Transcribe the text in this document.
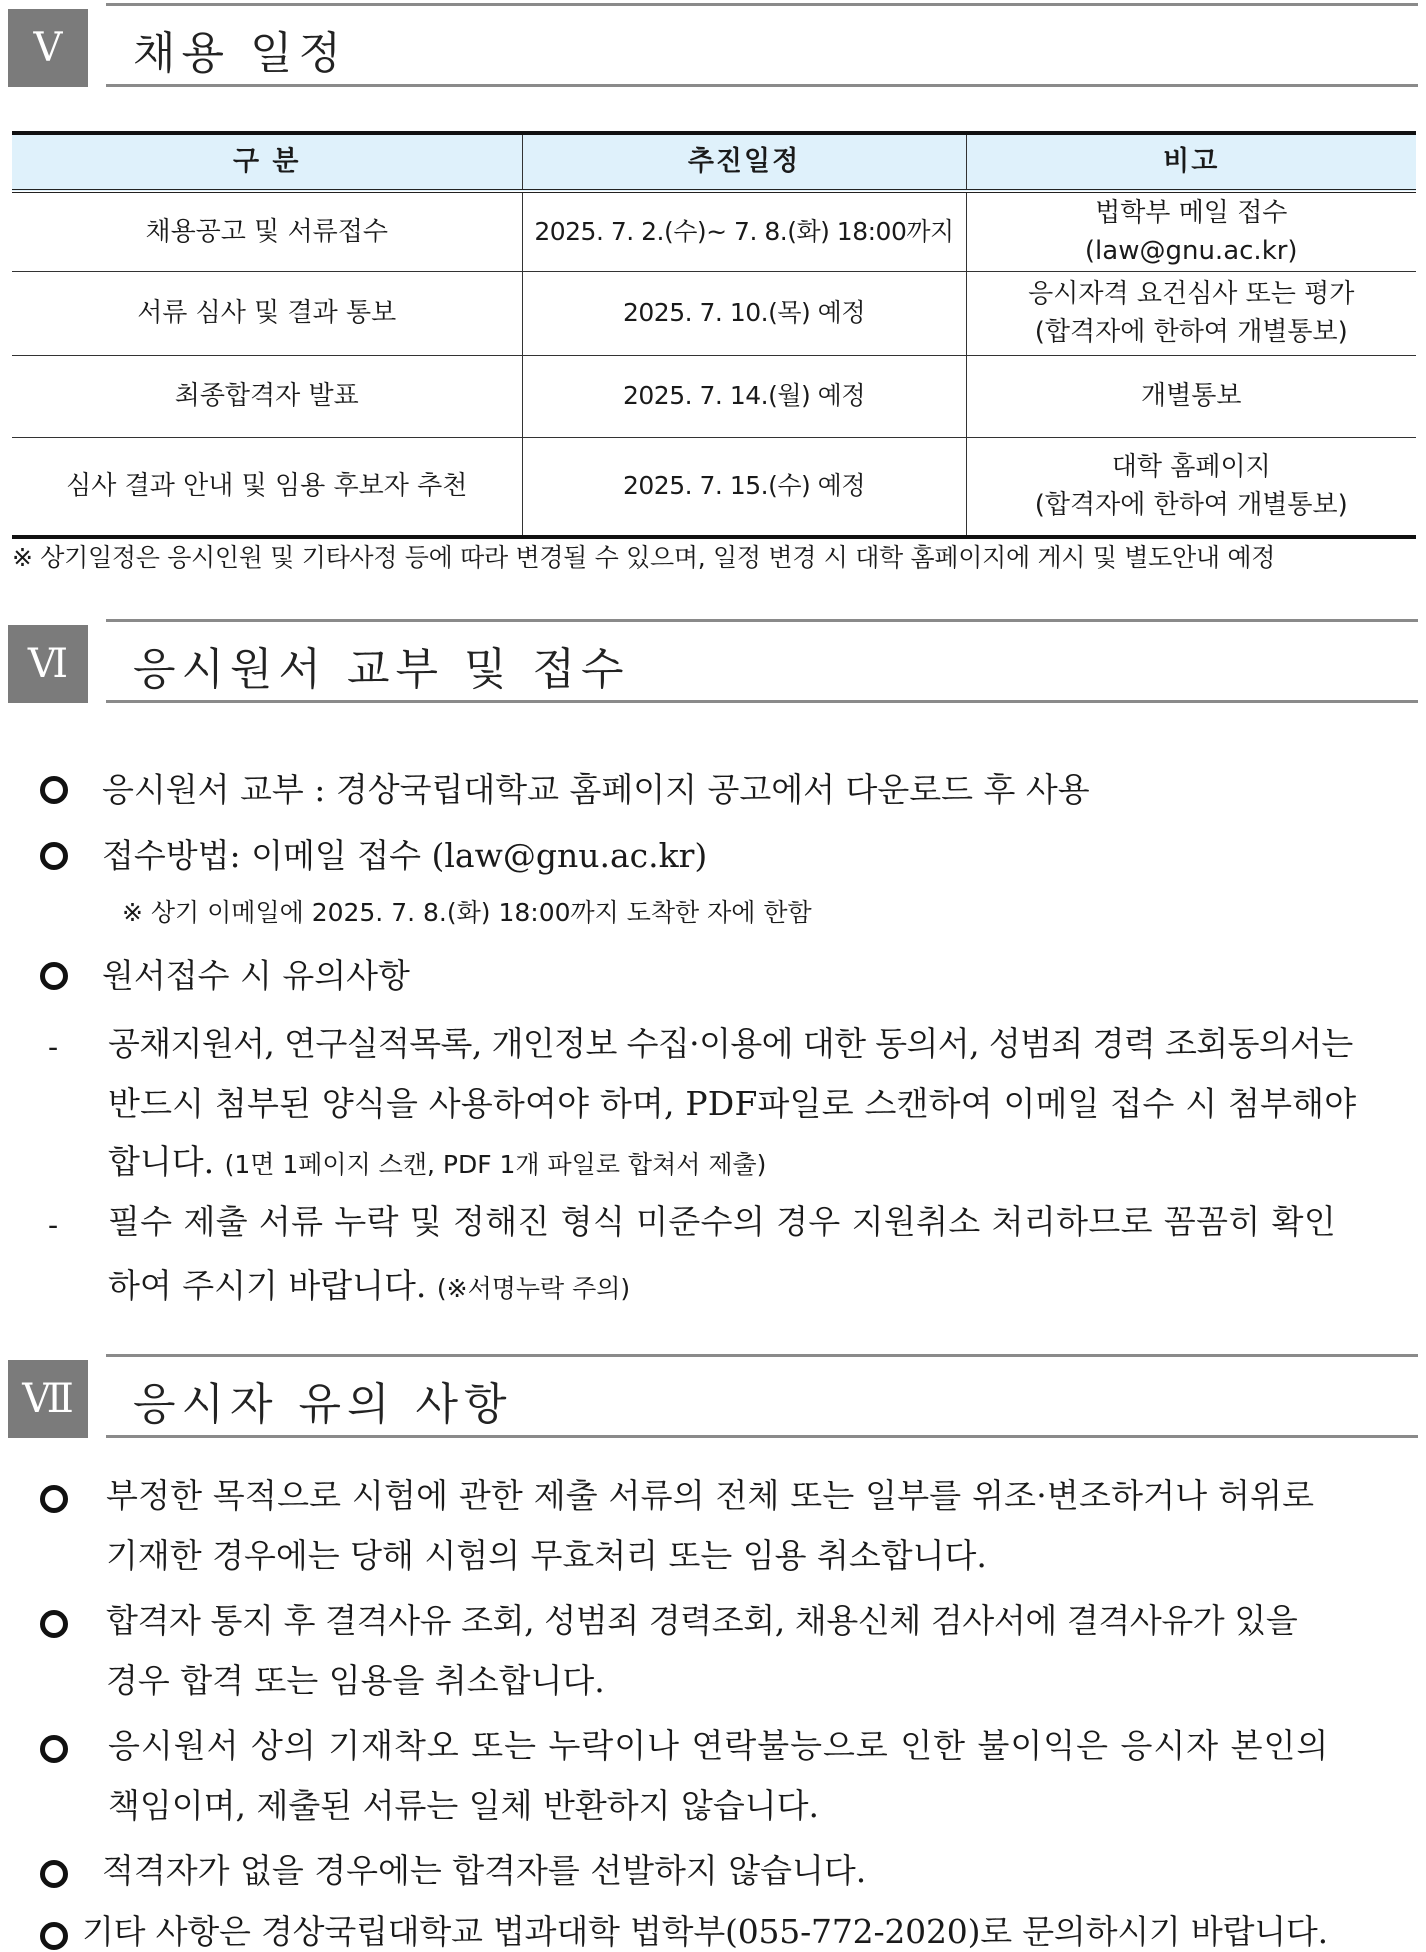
Ⅴ	채용 일정
구 분	추진일정	비고
채용공고 및 서류접수	2025. 7. 2.(수)~ 7. 8.(화) 18:00까지	법학부 메일 접수
(law@gnu.ac.kr)

서류 심사 및 결과 통보	2025. 7. 10.(목) 예정	응시자격 요건심사 또는 평가
(합격자에 한하여 개별통보)

최종합격자 발표	2025. 7. 14.(월) 예정	개별통보
심사 결과 안내 및 임용 후보자 추천	2025. 7. 15.(수) 예정	대학 홈페이지
(합격자에 한하여 개별통보)
※ 상기일정은 응시인원 및 기타사정 등에 따라 변경될 수 있으며, 일정 변경 시 대학 홈페이지에 게시 및 별도안내 예정
Ⅵ	응시원서 교부 및 접수
응시원서 교부 : 경상국립대학교 홈페이지 공고에서 다운로드 후 사용
접수방법: 이메일 접수 (law@gnu.ac.kr)
※ 상기 이메일에 2025. 7. 8.(화) 18:00까지 도착한 자에 한함
원서접수 시 유의사항
- 공채지원서, 연구실적목록, 개인정보 수집·이용에 대한 동의서, 성범죄 경력 조회동의서는
반드시 첨부된 양식을 사용하여야 하며, PDF파일로 스캔하여 이메일 접수 시 첨부해야
합니다. (1면 1페이지 스캔, PDF 1개 파일로 합쳐서 제출)
- 필수 제출 서류 누락 및 정해진 형식 미준수의 경우 지원취소 처리하므로 꼼꼼히 확인
하여 주시기 바랍니다. (※서명누락 주의)
Ⅶ	응시자 유의 사항
부정한 목적으로 시험에 관한 제출 서류의 전체 또는 일부를 위조·변조하거나 허위로
기재한 경우에는 당해 시험의 무효처리 또는 임용 취소합니다.
합격자 통지 후 결격사유 조회, 성범죄 경력조회, 채용신체 검사서에 결격사유가 있을
경우 합격 또는 임용을 취소합니다.
응시원서 상의 기재착오 또는 누락이나 연락불능으로 인한 불이익은 응시자 본인의
책임이며, 제출된 서류는 일체 반환하지 않습니다.
적격자가 없을 경우에는 합격자를 선발하지 않습니다.
기타 사항은 경상국립대학교 법과대학 법학부(055-772-2020)로 문의하시기 바랍니다.
